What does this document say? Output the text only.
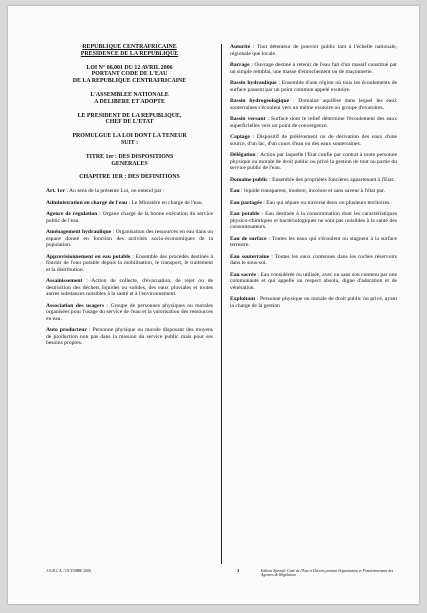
REPUBLIQUE CENTRAFRICAINE
PRESIDENCE DE LA REPUBLIQUE
LOI N° 06.001 DU 12 AVRIL 2006
PORTANT CODE DE L'EAU
DE LA REPUBLIQUE CENTRAFRICAINE
L'ASSEMBLEE NATIONALE
A DELIBERE ET ADOPTE
LE PRESIDENT DE LA REPUBLIQUE,
CHEF DE L'ETAT
PROMULGUE LA LOI DONT LA TENEUR
SUIT :
TITRE 1er : DES DISPOSITIONS
GENERALES
CHAPITRE 1ER : DES DEFINITIONS

Art. 1er : Au sens de la présente Loi, on entend par :

Administration en charge de l'eau : Le Ministère en charge de l'eau.

Agence de régulation : Organe chargé de la bonne exécution du service public de l'eau.

Aménagement hydraulique : Organisation des ressources en eau dans un espace donné en fonction des activités socio-économiques de la population.

Approvisionnement en eau potable : Ensemble des procédés destinés à fournir de l'eau potable depuis la mobilisation, le transport, le traitement et la distribution.

Assainissement : Action de collecte, d'évacuation, de rejet ou de destruction des déchets liquides ou solides, des eaux pluviales et toutes autres substances nuisibles à la santé et à l'environnement.

Association des usagers : Groupe de personnes physiques ou morales organisées pour l'usage du service de l'eau et la valorisation des ressources en eau.

Auto producteur : Personne physique ou morale disposant des moyens de production non pas dans la mission du service public mais pour ses besoins propres.

Autorité : Tout détenteur de pouvoir public tant à l'échelle nationale, régionale que locale.

Barrage : Ouvrage destiné à retenir de l'eau fait d'un massif constitué par un simple remblai, une masse d'enrochement ou de maçonnerie.

Bassin hydraulique : Ensemble d'une région où tous les écoulements de surface passent par un point commun appelé exutoire.

Bassin hydrogéologique : Domaine aquifère dans lequel les eaux souterraines s'écoulent vers un même exutoire ou groupe d'exutoires.

Bassin versant : Surface dont le relief détermine l'écoulement des eaux superficielles vers un point de convergence.

Captage : Dispositif de prélèvement ou de dérivation des eaux d'une source, d'un lac, d'un cours d'eau ou des eaux souterraines.

Délégation : Action par laquelle l'Etat confie par contrat à toute personne physique ou morale de droit public ou privé la gestion de tout ou partie du service public de l'eau.

Domaine public : Ensemble des propriétés foncières appartenant à l'Etat.

Eau : liquide transparent, inodore, incolore et sans saveur à l'état pur.

Eau partagée : Eau qui sépare ou traverse deux ou plusieurs territoires.

Eau potable : Eau destinée à la consommation dont les caractéristiques physico-chimiques et bactériologiques ne sont pas nuisibles à la santé des consommateurs.

Eau de surface : Toutes les eaux qui s'écoulent ou stagnent à la surface terrestre.

Eau souterraine : Toutes les eaux contenues dans les roches réservoirs dans le sous-sol.

Eau sacrée : Eau considérée ou utilisée, avec ou sans son contenu par une communauté et qui appelle un respect absolu, digne d'adoration et de vénération.

Exploitant : Personne physique ou morale de droit public ou privé, ayant la charge de la gestion

J.O.R.C.A. / OCTOBRE 2006	3	Edition Spéciale Code de l'Eau et Décrets portant Organisation et Fonctionnement des Agences de Régulation
